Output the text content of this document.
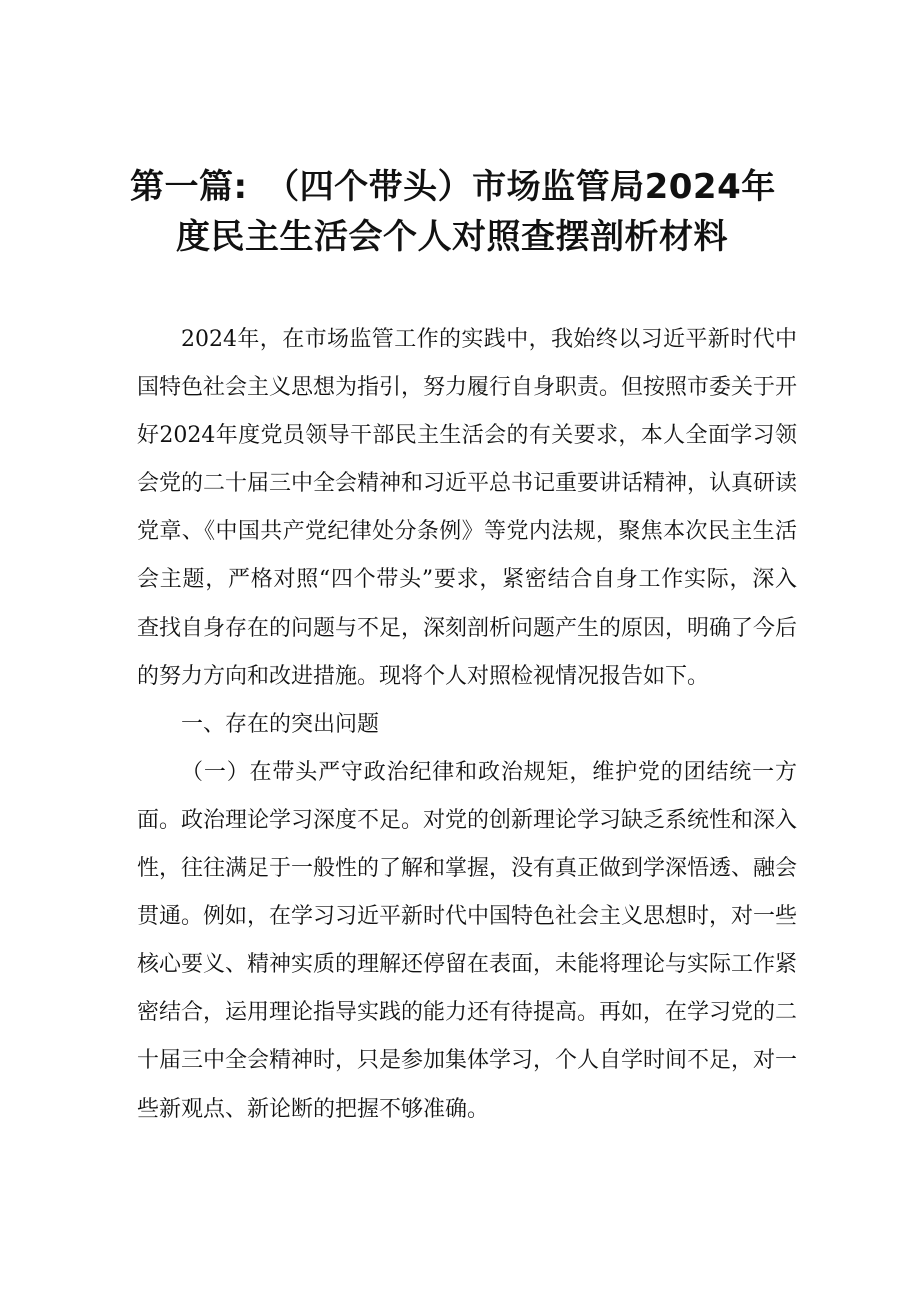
第一篇:　（四个带头）市场监管局2024年
度民主生活会个人对照查摆剖析材料

2024年，在市场监管工作的实践中，我始终以习近平新时代中国特色社会主义思想为指引，努力履行自身职责。但按照市委关于开好2024年度党员领导干部民主生活会的有关要求，本人全面学习领会党的二十届三中全会精神和习近平总书记重要讲话精神，认真研读党章、《中国共产党纪律处分条例》等党内法规，聚焦本次民主生活会主题，严格对照“四个带头”要求，紧密结合自身工作实际，深入查找自身存在的问题与不足，深刻剖析问题产生的原因，明确了今后的努力方向和改进措施。现将个人对照检视情况报告如下。

一、存在的突出问题

（一）在带头严守政治纪律和政治规矩，维护党的团结统一方面。政治理论学习深度不足。对党的创新理论学习缺乏系统性和深入性，往往满足于一般性的了解和掌握，没有真正做到学深悟透、融会贯通。例如，在学习习近平新时代中国特色社会主义思想时，对一些核心要义、精神实质的理解还停留在表面，未能将理论与实际工作紧密结合，运用理论指导实践的能力还有待提高。再如，在学习党的二十届三中全会精神时，只是参加集体学习，个人自学时间不足，对一些新观点、新论断的把握不够准确。
